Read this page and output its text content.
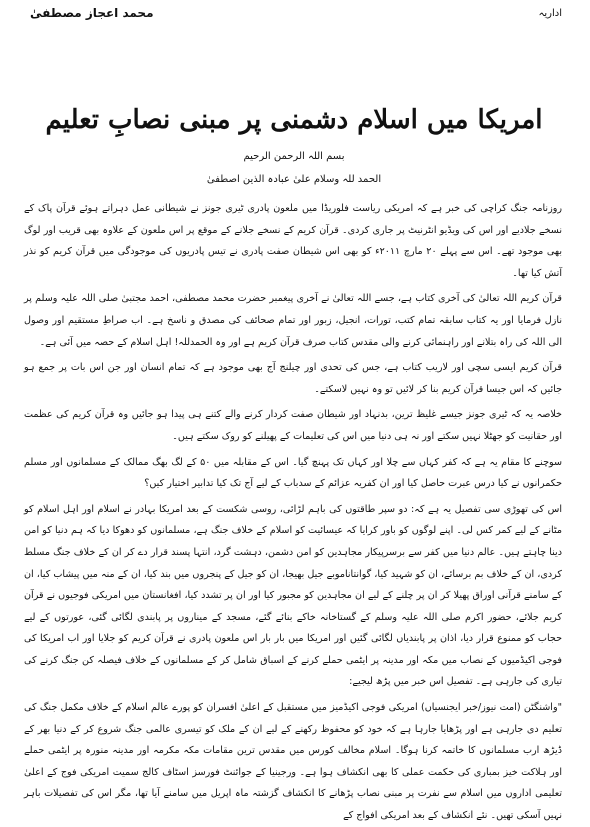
اداریہ
محمد اعجاز مصطفیٰ
امریکا میں اسلام دشمنی پر مبنی نصابِ تعلیم
بسم اللہ الرحمن الرحیم
الحمد للہ وسلام علیٰ عبادہ الذین اصطفیٰ

روزنامہ جنگ کراچی کی خبر ہے کہ امریکی ریاست فلوریڈا میں ملعون پادری ٹیری جونز نے شیطانی عمل دہراتے ہوئے قرآن پاک کے نسخے جلادیے اور اس کی ویڈیو انٹرنیٹ پر جاری کردی۔ قرآن کریم کے نسخے جلانے کے موقع پر اس ملعون کے علاوہ بھی قریب اور لوگ بھی موجود تھے۔ اس سے پہلے ۲۰ مارچ ۲۰۱۱ء کو بھی اس شیطان صفت پادری نے تیس پادریوں کی موجودگی میں قرآن کریم کو نذر آتش کیا تھا۔

قرآن کریم اللہ تعالیٰ کی آخری کتاب ہے، جسے اللہ تعالیٰ نے آخری پیغمبر حضرت محمد مصطفی، احمد مجتبیٰ صلی اللہ علیہ وسلم پر نازل فرمایا اور یہ کتاب سابقہ تمام کتب، تورات، انجیل، زبور اور تمام صحائف کی مصدق و ناسخ ہے۔ اب صراطِ مستقیم اور وصول الی اللہ کی راہ بتلانے اور راہنمائی کرنے والی مقدس کتاب صرف قرآن کریم ہے اور وہ الحمدللہ! اہل اسلام کے حصہ میں آئی ہے۔

قرآن کریم ایسی سچی اور لاریب کتاب ہے، جس کی تحدی اور چیلنج آج بھی موجود ہے کہ تمام انسان اور جن اس بات پر جمع ہو جائیں کہ اس جیسا قرآن کریم بنا کر لائیں تو وہ نہیں لاسکتے۔

خلاصہ یہ کہ ٹیری جونز جیسے غلیظ ترین، بدنہاد اور شیطان صفت کردار کرنے والے کتنے ہی پیدا ہو جائیں وہ قرآن کریم کی عظمت اور حقانیت کو جھٹلا نہیں سکتے اور نہ ہی دنیا میں اس کی تعلیمات کے پھیلنے کو روک سکتے ہیں۔

سوچنے کا مقام یہ ہے کہ کفر کہاں سے چلا اور کہاں تک پہنچ گیا۔ اس کے مقابلہ میں ۵۰ کے لگ بھگ ممالک کے مسلمانوں اور مسلم حکمرانوں نے کیا درس عبرت حاصل کیا اور ان کفریہ عزائم کے سدباب کے لیے آج تک کیا تدابیر اختیار کیں؟

اس کی تھوڑی سی تفصیل یہ ہے کہ: دو سپر طاقتوں کی باہم لڑائی، روسی شکست کے بعد امریکا بہادر نے اسلام اور اہل اسلام کو مٹانے کے لیے کمر کس لی۔ اپنے لوگوں کو باور کرایا کہ عیسائیت کو اسلام کے خلاف جنگ ہے، مسلمانوں کو دھوکا دیا کہ ہم دنیا کو امن دینا چاہتے ہیں۔ عالم دنیا میں کفر سے برسرپیکار مجاہدین کو امن دشمن، دہشت گرد، انتہا پسند قرار دے کر ان کے خلاف جنگ مسلط کردی، ان کے خلاف بم برسائے، ان کو شہید کیا، گوانتاناموبے جیل بھیجا، ان کو جیل کے پنجروں میں بند کیا، ان کے منہ میں پیشاب کیا، ان کے سامنے قرآنی اوراق پھیلا کر ان پر چلنے کے لیے ان مجاہدین کو مجبور کیا اور ان پر تشدد کیا، افغانستان میں امریکی فوجیوں نے قرآن کریم جلائے، حضور اکرم صلی اللہ علیہ وسلم کے گستاخانہ خاکے بنائے گئے، مسجد کے میناروں پر پابندی لگائی گئی، عورتوں کے لیے حجاب کو ممنوع قرار دیا، اذان پر پابندیاں لگائی گئیں اور امریکا میں بار بار اس ملعون پادری نے قرآن کریم کو جلایا اور اب امریکا کی فوجی اکیڈمیوں کے نصاب میں مکہ اور مدینہ پر ایٹمی حملے کرنے کے اسباق شامل کر کے مسلمانوں کے خلاف فیصلہ کن جنگ کرنے کی تیاری کی جارہی ہے۔ تفصیل اس خبر میں پڑھ لیجیے:

"واشنگٹن (امت نیوز/خبر ایجنسیاں) امریکی فوجی اکیڈمیز میں مستقبل کے اعلیٰ افسران کو پورے عالم اسلام کے خلاف مکمل جنگ کی تعلیم دی جارہی ہے اور پڑھایا جارہا ہے کہ خود کو محفوظ رکھنے کے لیے ان کے ملک کو تیسری عالمی جنگ شروع کر کے دنیا بھر کے ڈیڑھ ارب مسلمانوں کا خاتمہ کرنا ہوگا۔ اسلام مخالف کورس میں مقدس ترین مقامات مکہ مکرمہ اور مدینہ منورہ پر ایٹمی حملے اور ہلاکت خیز بمباری کی حکمت عملی کا بھی انکشاف ہوا ہے۔ ورجینیا کے جوائنٹ فورسز اسٹاف کالج سمیت امریکی فوج کے اعلیٰ تعلیمی اداروں میں اسلام سے نفرت پر مبنی نصاب پڑھانے کا انکشاف گزشتہ ماہ اپریل میں سامنے آیا تھا، مگر اس کی تفصیلات باہر نہیں آسکی تھیں۔ نئے انکشاف کے بعد امریکی افواج کے
